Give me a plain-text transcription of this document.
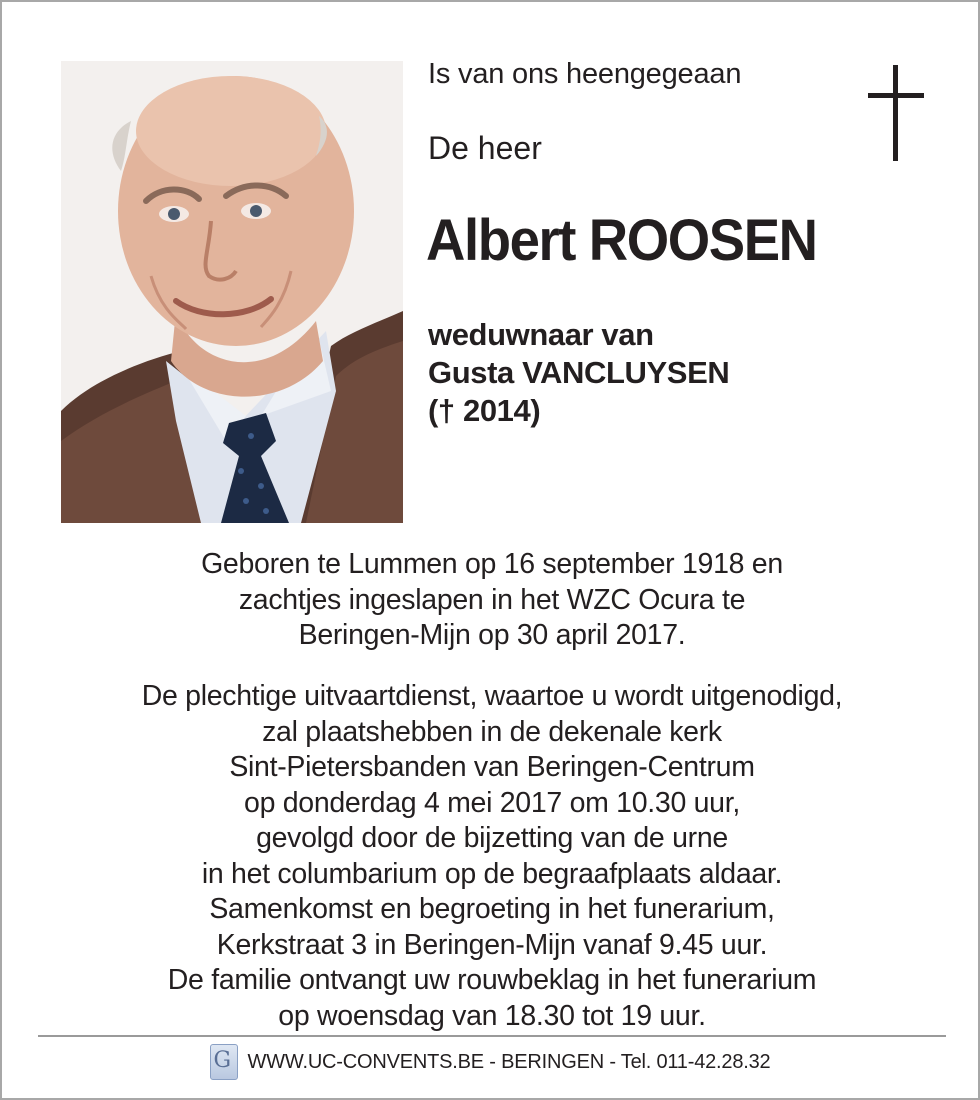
Is van ons heengegeaan
De heer
Albert ROOSEN
weduwnaar van
Gusta VANCLUYSEN
(† 2014)
Geboren te Lummen op 16 september 1918 en
zachtjes ingeslapen in het WZC Ocura te
Beringen-Mijn op 30 april 2017.
De plechtige uitvaartdienst, waartoe u wordt uitgenodigd,
zal plaatshebben in de dekenale kerk
Sint-Pietersbanden van Beringen-Centrum
op donderdag 4 mei 2017 om 10.30 uur,
gevolgd door de bijzetting van de urne
in het columbarium op de begraafplaats aldaar.
Samenkomst en begroeting in het funerarium,
Kerkstraat 3 in Beringen-Mijn vanaf 9.45 uur.
De familie ontvangt uw rouwbeklag in het funerarium
op woensdag van 18.30 tot 19 uur.
G WWW.UC-CONVENTS.BE - BERINGEN - Tel. 011-42.28.32
